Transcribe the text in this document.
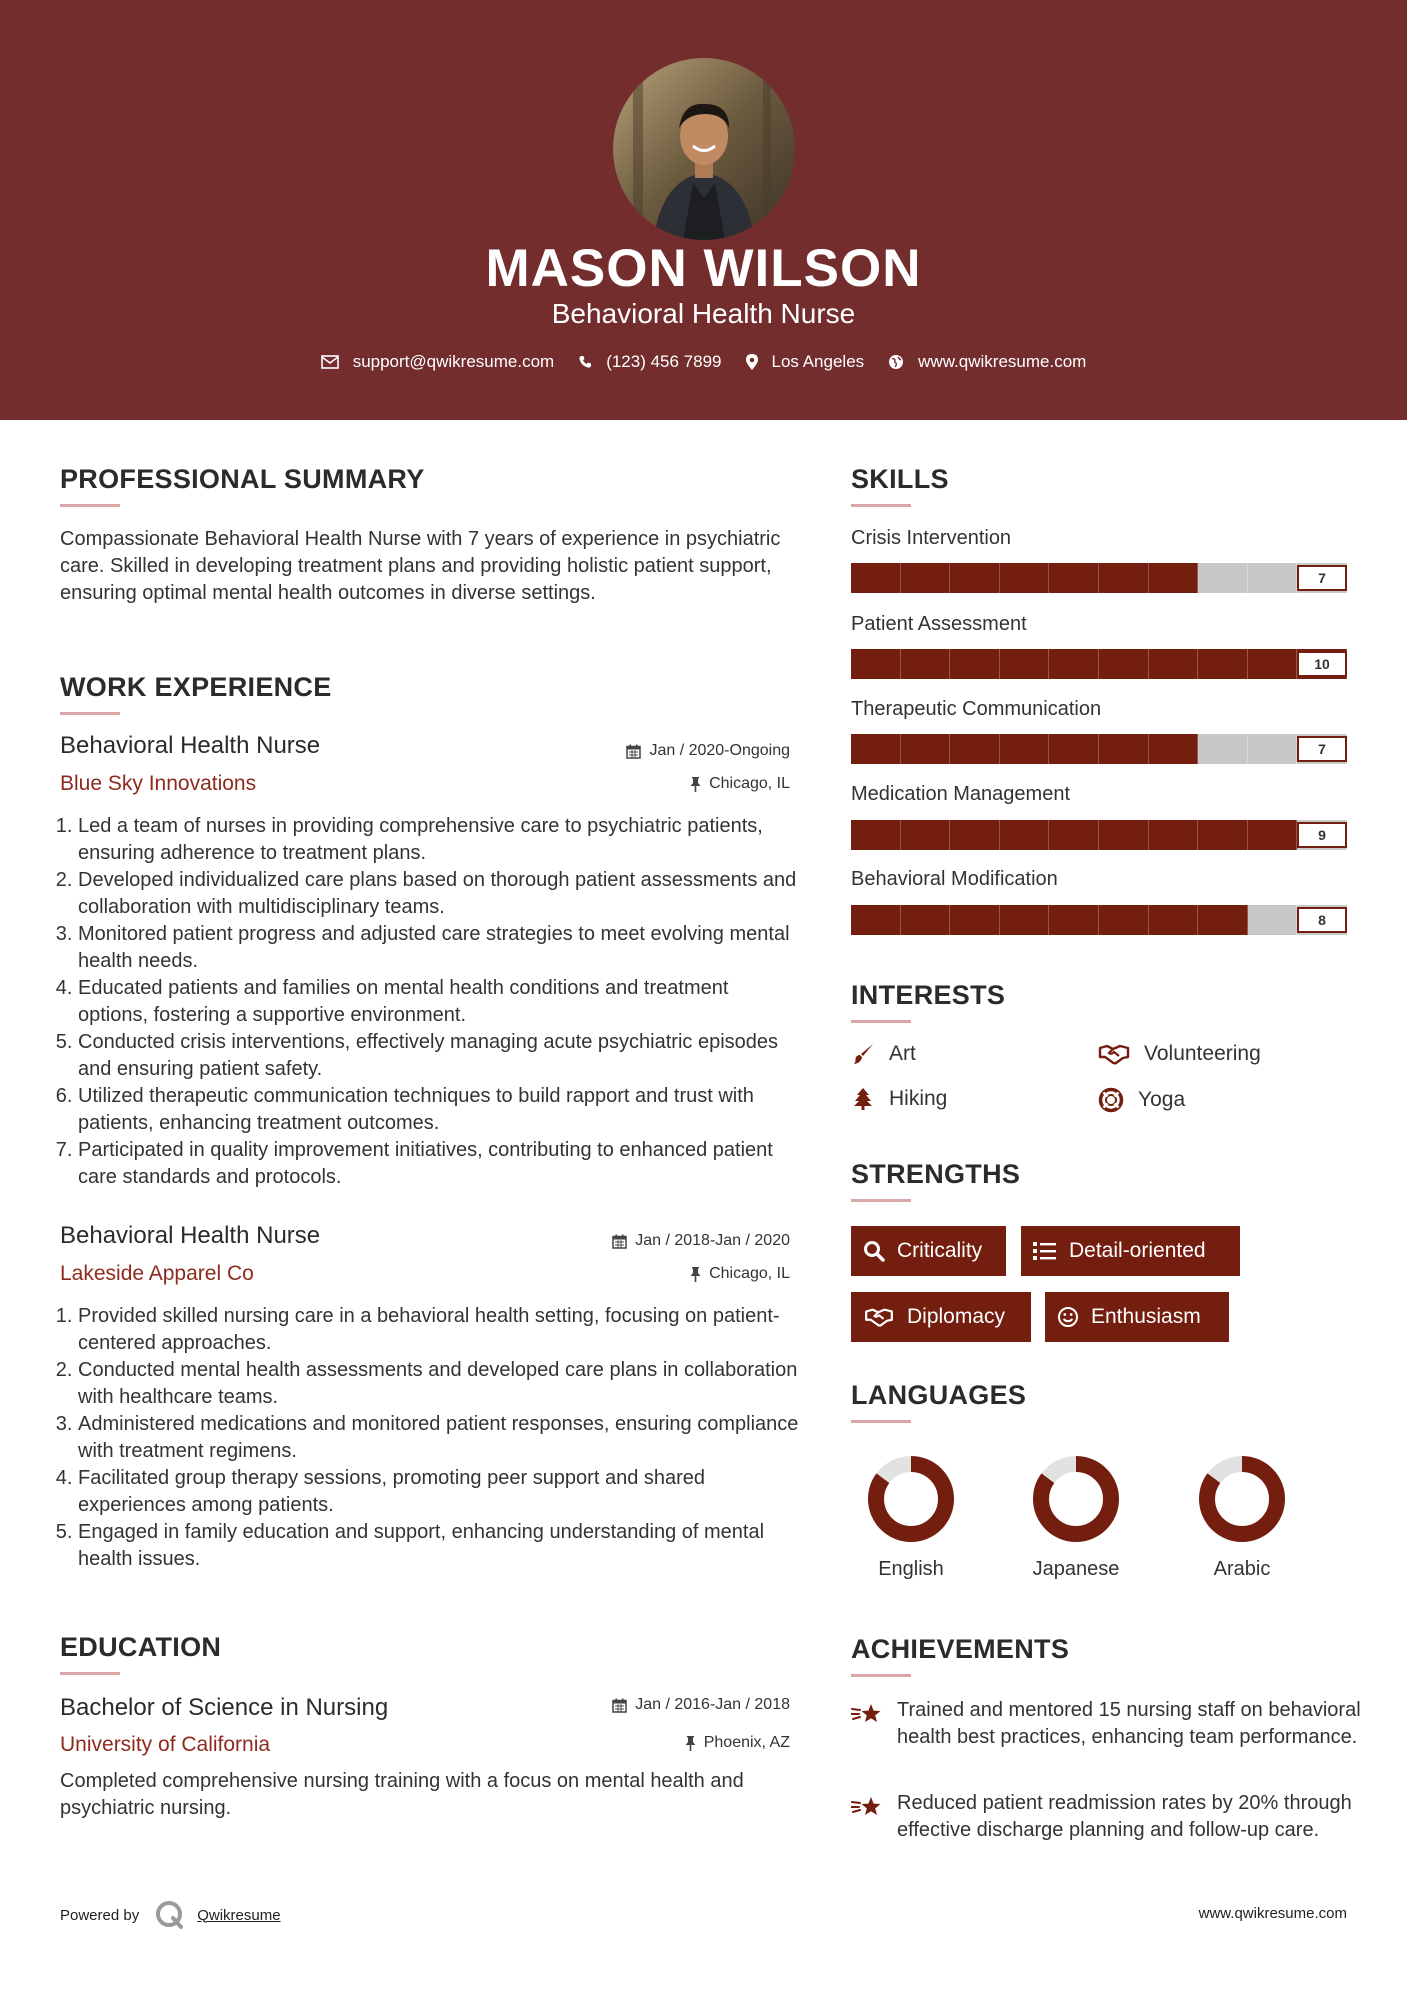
MASON WILSON
Behavioral Health Nurse
support@qwikresume.com	(123) 456 7899	Los Angeles	www.qwikresume.com
PROFESSIONAL SUMMARY
Compassionate Behavioral Health Nurse with 7 years of experience in psychiatric care. Skilled in developing treatment plans and providing holistic patient support, ensuring optimal mental health outcomes in diverse settings.
WORK EXPERIENCE
Behavioral Health Nurse	Jan / 2020-Ongoing
Blue Sky Innovations	Chicago, IL
1. Led a team of nurses in providing comprehensive care to psychiatric patients, ensuring adherence to treatment plans.
2. Developed individualized care plans based on thorough patient assessments and collaboration with multidisciplinary teams.
3. Monitored patient progress and adjusted care strategies to meet evolving mental health needs.
4. Educated patients and families on mental health conditions and treatment options, fostering a supportive environment.
5. Conducted crisis interventions, effectively managing acute psychiatric episodes and ensuring patient safety.
6. Utilized therapeutic communication techniques to build rapport and trust with patients, enhancing treatment outcomes.
7. Participated in quality improvement initiatives, contributing to enhanced patient care standards and protocols.
Behavioral Health Nurse	Jan / 2018-Jan / 2020
Lakeside Apparel Co	Chicago, IL
1. Provided skilled nursing care in a behavioral health setting, focusing on patient-centered approaches.
2. Conducted mental health assessments and developed care plans in collaboration with healthcare teams.
3. Administered medications and monitored patient responses, ensuring compliance with treatment regimens.
4. Facilitated group therapy sessions, promoting peer support and shared experiences among patients.
5. Engaged in family education and support, enhancing understanding of mental health issues.
EDUCATION
Bachelor of Science in Nursing	Jan / 2016-Jan / 2018
University of California	Phoenix, AZ
Completed comprehensive nursing training with a focus on mental health and psychiatric nursing.
SKILLS
Crisis Intervention
7
Patient Assessment
10
Therapeutic Communication
7
Medication Management
9
Behavioral Modification
8
INTERESTS
Art	Volunteering
Hiking	Yoga
STRENGTHS
Criticality	Detail-oriented
Diplomacy	Enthusiasm
LANGUAGES
English	Japanese	Arabic
ACHIEVEMENTS
Trained and mentored 15 nursing staff on behavioral health best practices, enhancing team performance.
Reduced patient readmission rates by 20% through effective discharge planning and follow-up care.
Powered by	Qwikresume	www.qwikresume.com
